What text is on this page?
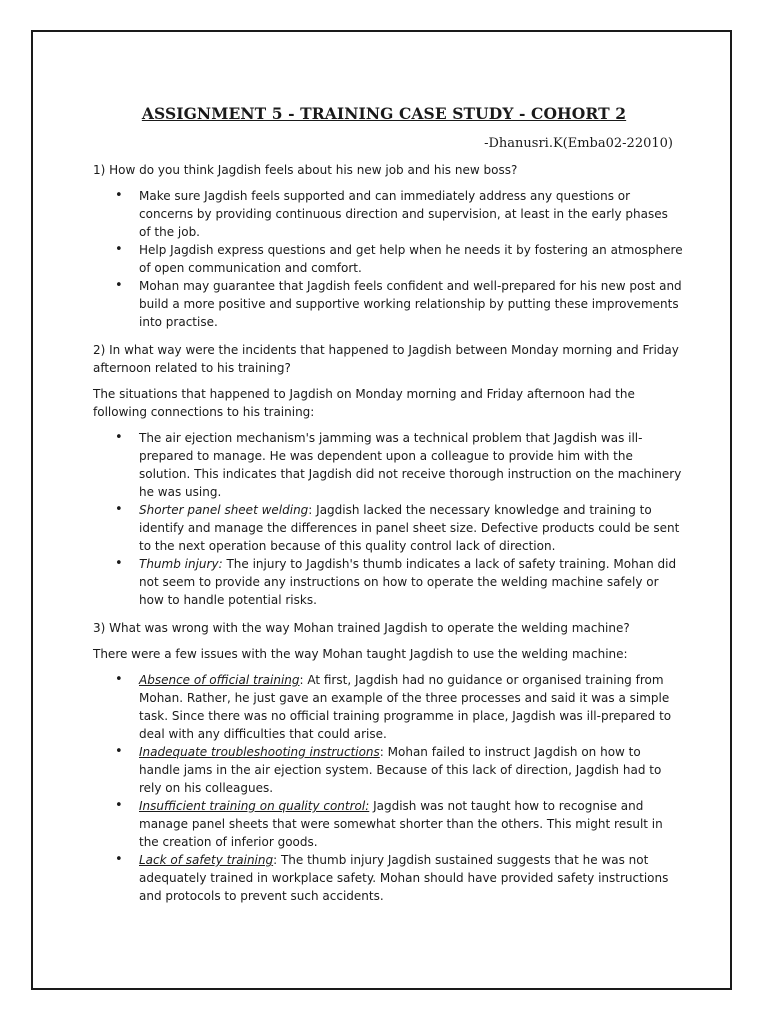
ASSIGNMENT 5 - TRAINING CASE STUDY - COHORT 2
-Dhanusri.K(Emba02-22010)

1) How do you think Jagdish feels about his new job and his new boss?

• Make sure Jagdish feels supported and can immediately address any questions or concerns by providing continuous direction and supervision, at least in the early phases of the job.
• Help Jagdish express questions and get help when he needs it by fostering an atmosphere of open communication and comfort.
• Mohan may guarantee that Jagdish feels confident and well-prepared for his new post and build a more positive and supportive working relationship by putting these improvements into practise.

2) In what way were the incidents that happened to Jagdish between Monday morning and Friday afternoon related to his training?

The situations that happened to Jagdish on Monday morning and Friday afternoon had the following connections to his training:

• The air ejection mechanism's jamming was a technical problem that Jagdish was ill-prepared to manage. He was dependent upon a colleague to provide him with the solution. This indicates that Jagdish did not receive thorough instruction on the machinery he was using.
• Shorter panel sheet welding: Jagdish lacked the necessary knowledge and training to identify and manage the differences in panel sheet size. Defective products could be sent to the next operation because of this quality control lack of direction.
• Thumb injury: The injury to Jagdish's thumb indicates a lack of safety training. Mohan did not seem to provide any instructions on how to operate the welding machine safely or how to handle potential risks.

3) What was wrong with the way Mohan trained Jagdish to operate the welding machine?

There were a few issues with the way Mohan taught Jagdish to use the welding machine:

• Absence of official training: At first, Jagdish had no guidance or organised training from Mohan. Rather, he just gave an example of the three processes and said it was a simple task. Since there was no official training programme in place, Jagdish was ill-prepared to deal with any difficulties that could arise.
• Inadequate troubleshooting instructions: Mohan failed to instruct Jagdish on how to handle jams in the air ejection system. Because of this lack of direction, Jagdish had to rely on his colleagues.
• Insufficient training on quality control: Jagdish was not taught how to recognise and manage panel sheets that were somewhat shorter than the others. This might result in the creation of inferior goods.
• Lack of safety training: The thumb injury Jagdish sustained suggests that he was not adequately trained in workplace safety. Mohan should have provided safety instructions and protocols to prevent such accidents.
